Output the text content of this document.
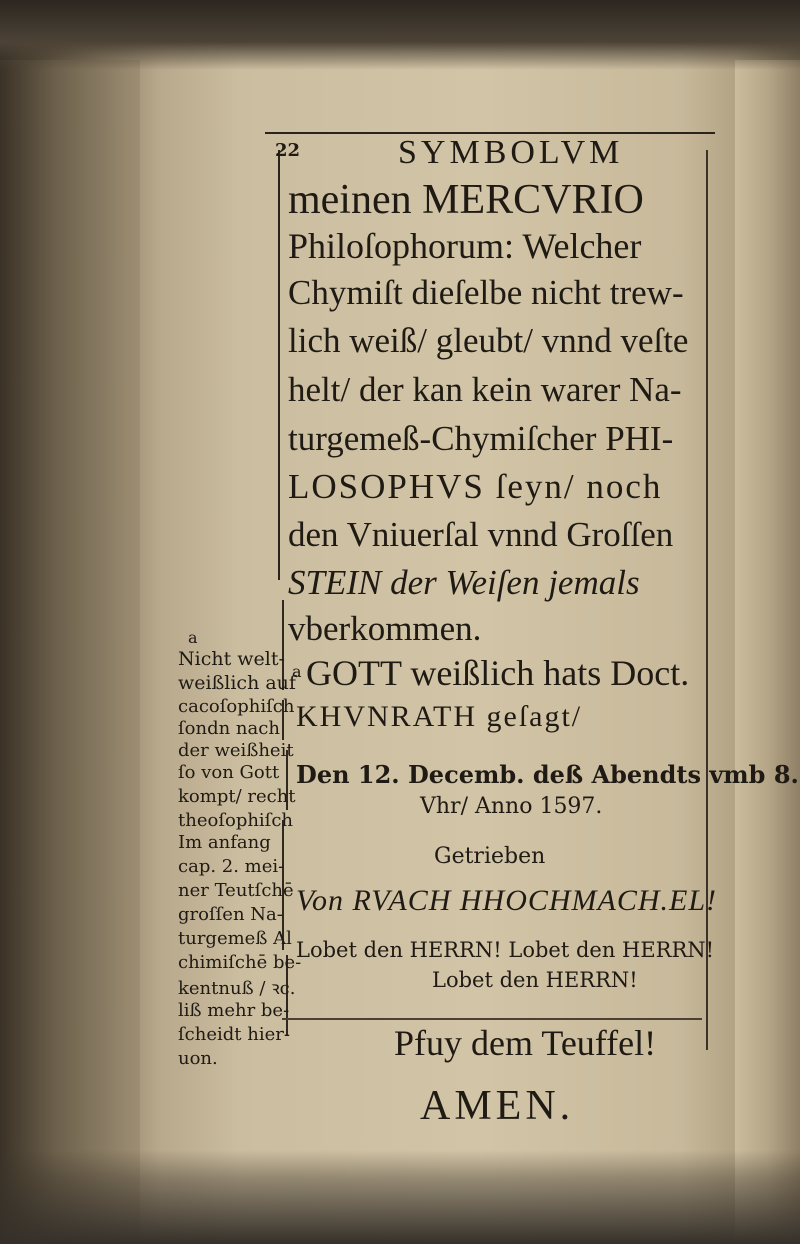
22	SYMBOLVM
meinen MERCVRIO
Philoſophorum: Welcher
Chymiſt dieſelbe nicht trew-
lich weiß/ gleubt/ vnnd veſte
helt/ der kan kein warer Na-
turgemeß-Chymiſcher PHI-
LOSOPHVS ſeyn/ noch
den Vniuerſal vnnd Groſſen
STEIN der Weiſen jemals
vberkommen.
a GOTT weißlich hats Doct.
KHVNRATH geſagt/
Den 12. Decemb. deß Abendts vmb 8.
Vhr/ Anno 1597.
Getrieben
Von RVACH HHOCHMACH.EL!
Lobet den HERRN! Lobet den HERRN!
Lobet den HERRN!
Pfuy dem Teuffel!
AMEN.
a
Nicht welt-
weißlich auf
cacoſophiſch
ſondn nach
der weißheit
ſo von Gott
kompt/ recht
theoſophiſch
Im anfang
cap. 2. mei-
ner Teutſchē
groſſen Na-
turgemeß Al
chimiſchē be-
kentnuß / ꝛc.
liß mehr be-
ſcheidt hier-
uon.
